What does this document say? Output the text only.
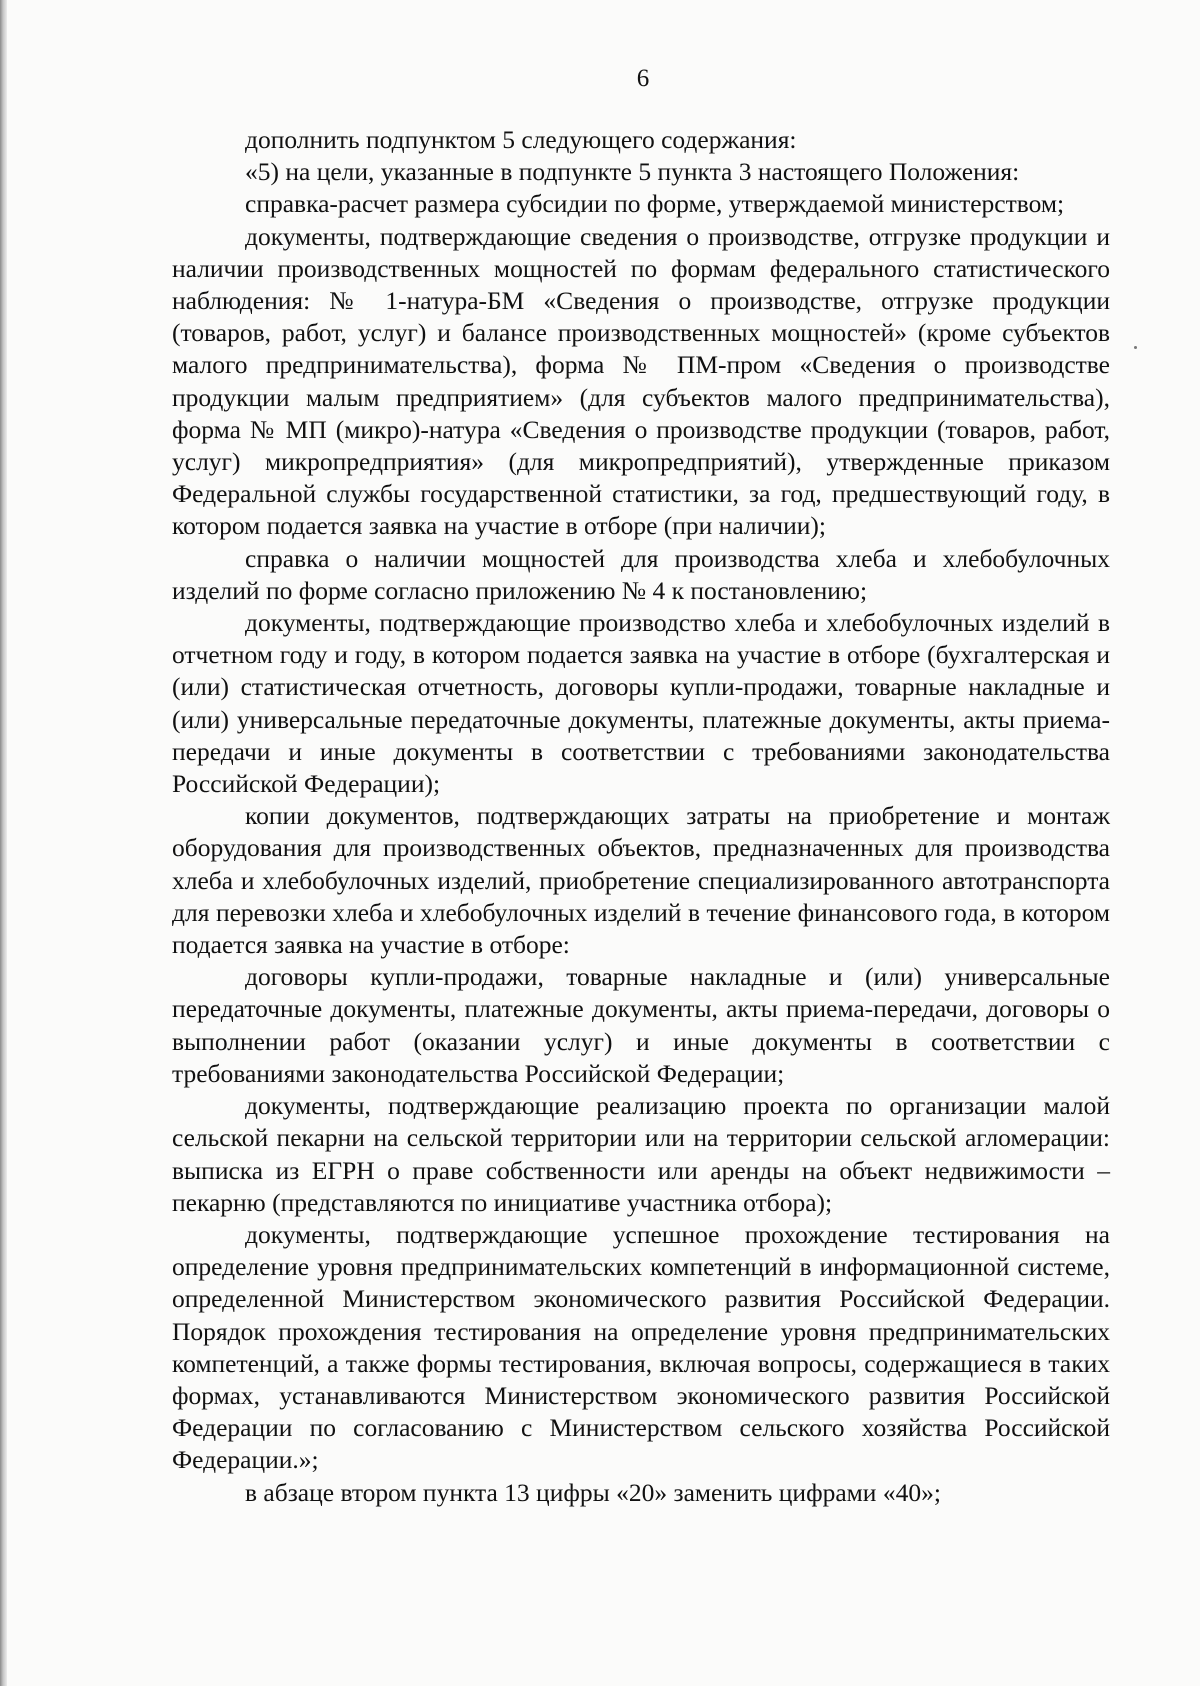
6

дополнить подпунктом 5 следующего содержания:

«5) на цели, указанные в подпункте 5 пункта 3 настоящего Положения:

справка-расчет размера субсидии по форме, утверждаемой министерством;

документы, подтверждающие сведения о производстве, отгрузке продукции и наличии производственных мощностей по формам федерального статистического наблюдения: № 1-натура-БМ «Сведения о производстве, отгрузке продукции (товаров, работ, услуг) и балансе производственных мощностей» (кроме субъектов малого предпринимательства), форма № ПМ-пром «Сведения о производстве продукции малым предприятием» (для субъектов малого предпринимательства), форма № МП (микро)-натура «Сведения о производстве продукции (товаров, работ, услуг) микропредприятия» (для микропредприятий), утвержденные приказом Федеральной службы государственной статистики, за год, предшествующий году, в котором подается заявка на участие в отборе (при наличии);

справка о наличии мощностей для производства хлеба и хлебобулочных изделий по форме согласно приложению № 4 к постановлению;

документы, подтверждающие производство хлеба и хлебобулочных изделий в отчетном году и году, в котором подается заявка на участие в отборе (бухгалтерская и (или) статистическая отчетность, договоры купли-продажи, товарные накладные и (или) универсальные передаточные документы, платежные документы, акты приема-передачи и иные документы в соответствии с требованиями законодательства Российской Федерации);

копии документов, подтверждающих затраты на приобретение и монтаж оборудования для производственных объектов, предназначенных для производства хлеба и хлебобулочных изделий, приобретение специализированного автотранспорта для перевозки хлеба и хлебобулочных изделий в течение финансового года, в котором подается заявка на участие в отборе:

договоры купли-продажи, товарные накладные и (или) универсальные передаточные документы, платежные документы, акты приема-передачи, договоры о выполнении работ (оказании услуг) и иные документы в соответствии с требованиями законодательства Российской Федерации;

документы, подтверждающие реализацию проекта по организации малой сельской пекарни на сельской территории или на территории сельской агломерации: выписка из ЕГРН о праве собственности или аренды на объект недвижимости – пекарню (представляются по инициативе участника отбора);

документы, подтверждающие успешное прохождение тестирования на определение уровня предпринимательских компетенций в информационной системе, определенной Министерством экономического развития Российской Федерации. Порядок прохождения тестирования на определение уровня предпринимательских компетенций, а также формы тестирования, включая вопросы, содержащиеся в таких формах, устанавливаются Министерством экономического развития Российской Федерации по согласованию с Министерством сельского хозяйства Российской Федерации.»;

в абзаце втором пункта 13 цифры «20» заменить цифрами «40»;
